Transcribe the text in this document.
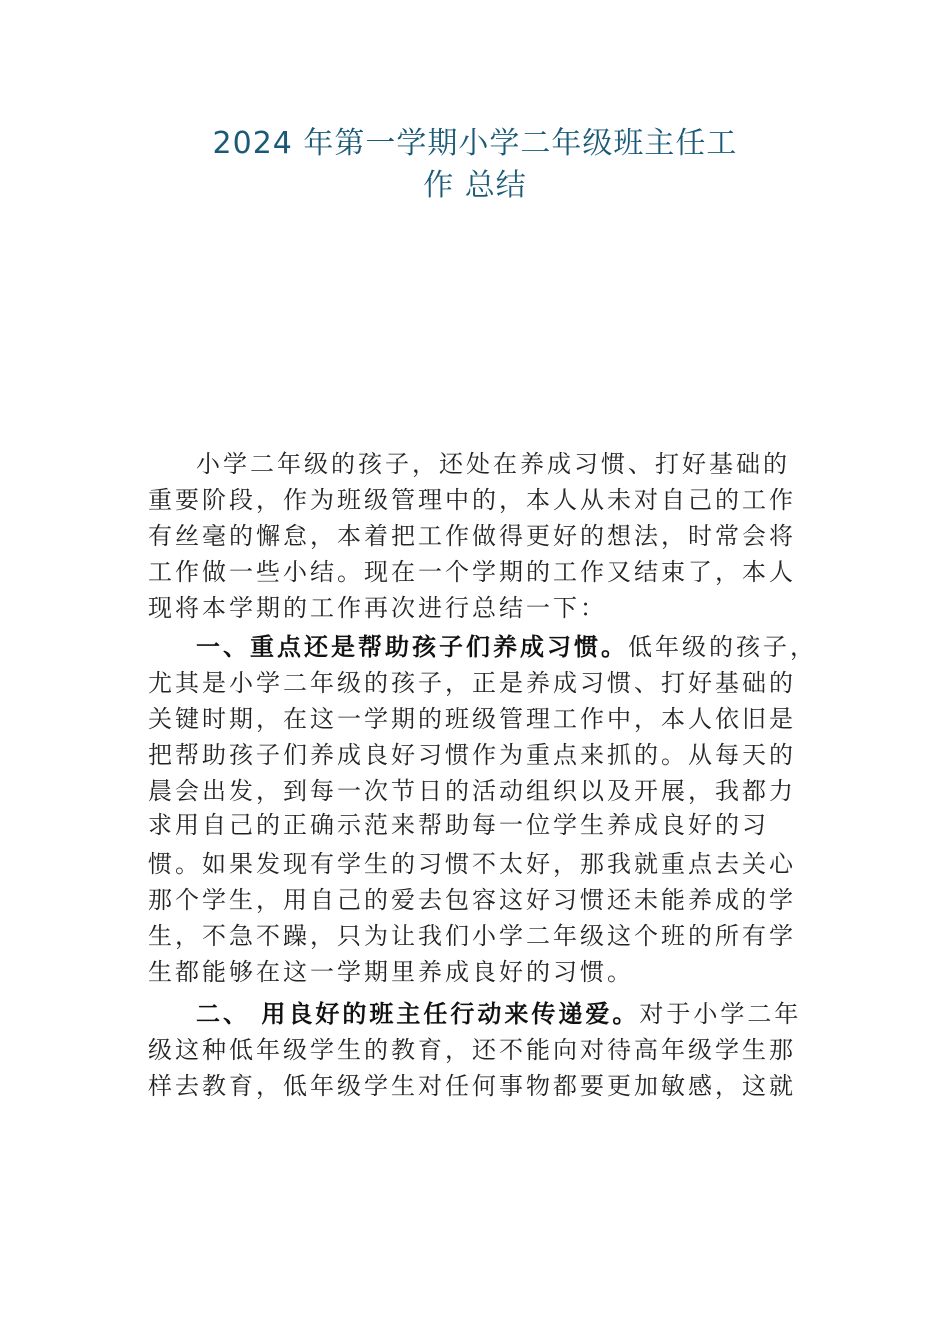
2024 年第一学期小学二年级班主任工
作 总结
小学二年级的孩子，还处在养成习惯、打好基础的
重要阶段，作为班级管理中的，本人从未对自己的工作
有丝毫的懈怠，本着把工作做得更好的想法，时常会将
工作做一些小结。现在一个学期的工作又结束了，本人
现将本学期的工作再次进行总结一下：
一、重点还是帮助孩子们养成习惯。低年级的孩子，
尤其是小学二年级的孩子，正是养成习惯、打好基础的
关键时期，在这一学期的班级管理工作中，本人依旧是
把帮助孩子们养成良好习惯作为重点来抓的。从每天的
晨会出发，到每一次节日的活动组织以及开展，我都力
求用自己的正确示范来帮助每一位学生养成良好的习
惯。如果发现有学生的习惯不太好，那我就重点去关心
那个学生，用自己的爱去包容这好习惯还未能养成的学
生，不急不躁，只为让我们小学二年级这个班的所有学
生都能够在这一学期里养成良好的习惯。
二、 用良好的班主任行动来传递爱。对于小学二年
级这种低年级学生的教育，还不能向对待高年级学生那
样去教育，低年级学生对任何事物都要更加敏感，这就
